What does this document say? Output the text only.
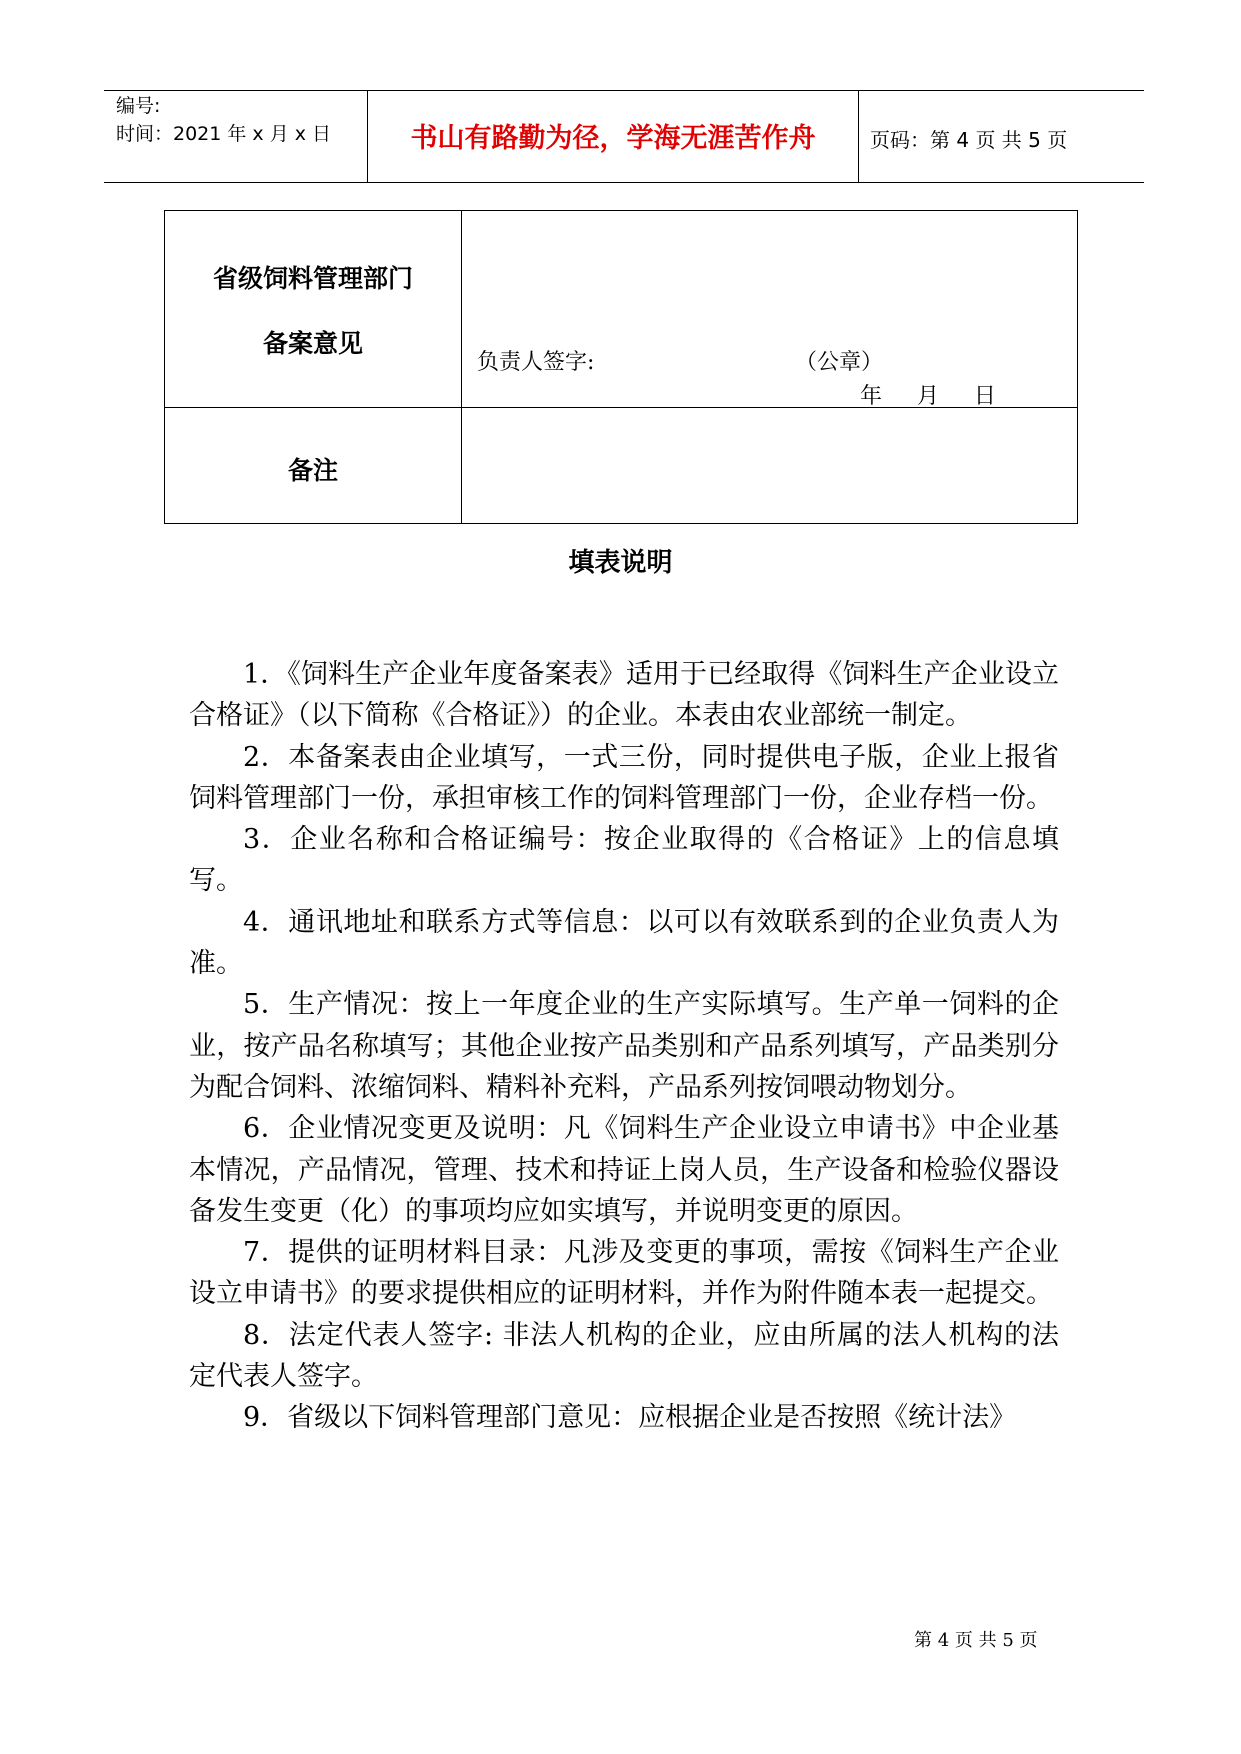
编号:
时间：2021 年 x 月 x 日	书山有路勤为径，学海无涯苦作舟	页码：第 4 页 共 5 页
省级饲料管理部门
备案意见
负责人签字:	（公章）
年     月     日
备注
填表说明

1．《饲料生产企业年度备案表》适用于已经取得《饲料生产企业设立合格证》（以下简称《合格证》）的企业。本表由农业部统一制定。

2．本备案表由企业填写，一式三份，同时提供电子版，企业上报省饲料管理部门一份，承担审核工作的饲料管理部门一份，企业存档一份。

3．企业名称和合格证编号：按企业取得的《合格证》上的信息填写。

4．通讯地址和联系方式等信息：以可以有效联系到的企业负责人为准。

5．生产情况：按上一年度企业的生产实际填写。生产单一饲料的企业，按产品名称填写；其他企业按产品类别和产品系列填写，产品类别分为配合饲料、浓缩饲料、精料补充料，产品系列按饲喂动物划分。

6．企业情况变更及说明：凡《饲料生产企业设立申请书》中企业基本情况，产品情况，管理、技术和持证上岗人员，生产设备和检验仪器设备发生变更（化）的事项均应如实填写，并说明变更的原因。

7．提供的证明材料目录：凡涉及变更的事项，需按《饲料生产企业设立申请书》的要求提供相应的证明材料，并作为附件随本表一起提交。

8．法定代表人签字: 非法人机构的企业，应由所属的法人机构的法定代表人签字。

9．省级以下饲料管理部门意见：应根据企业是否按照《统计法》

第 4 页 共 5 页
